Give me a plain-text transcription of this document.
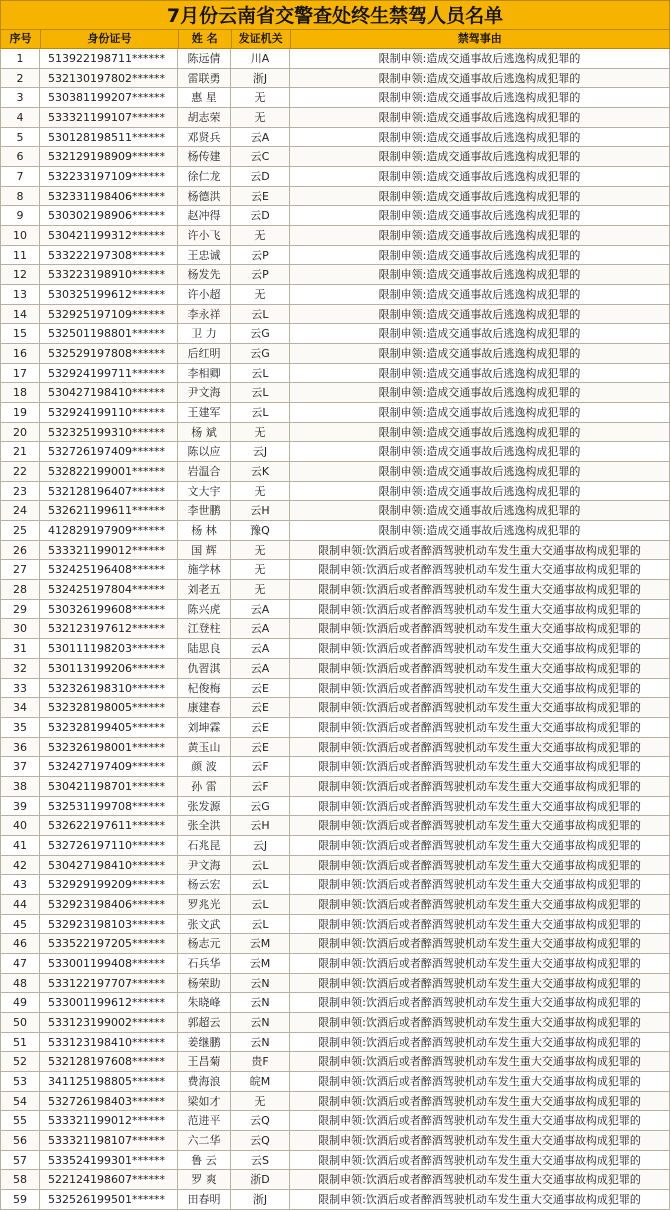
7月份云南省交警查处终生禁驾人员名单
序号	身份证号	姓 名	发证机关	禁驾事由
1	513922198711******	陈远倩	川A	限制申领:造成交通事故后逃逸构成犯罪的
2	532130197802******	雷联勇	浙J	限制申领:造成交通事故后逃逸构成犯罪的
3	530381199207******	惠 星	无	限制申领:造成交通事故后逃逸构成犯罪的
4	533321199107******	胡志荣	无	限制申领:造成交通事故后逃逸构成犯罪的
5	530128198511******	邓贤兵	云A	限制申领:造成交通事故后逃逸构成犯罪的
6	532129198909******	杨传建	云C	限制申领:造成交通事故后逃逸构成犯罪的
7	532233197109******	徐仁龙	云D	限制申领:造成交通事故后逃逸构成犯罪的
8	532331198406******	杨德洪	云E	限制申领:造成交通事故后逃逸构成犯罪的
9	530302198906******	赵冲得	云D	限制申领:造成交通事故后逃逸构成犯罪的
10	530421199312******	许小飞	无	限制申领:造成交通事故后逃逸构成犯罪的
11	533222197308******	王忠诚	云P	限制申领:造成交通事故后逃逸构成犯罪的
12	533223198910******	杨发先	云P	限制申领:造成交通事故后逃逸构成犯罪的
13	530325199612******	许小超	无	限制申领:造成交通事故后逃逸构成犯罪的
14	532925197109******	李永祥	云L	限制申领:造成交通事故后逃逸构成犯罪的
15	532501198801******	卫 力	云G	限制申领:造成交通事故后逃逸构成犯罪的
16	532529197808******	后红明	云G	限制申领:造成交通事故后逃逸构成犯罪的
17	532924199711******	李相卿	云L	限制申领:造成交通事故后逃逸构成犯罪的
18	530427198410******	尹文海	云L	限制申领:造成交通事故后逃逸构成犯罪的
19	532924199110******	王建军	云L	限制申领:造成交通事故后逃逸构成犯罪的
20	532325199310******	杨 斌	无	限制申领:造成交通事故后逃逸构成犯罪的
21	532726197409******	陈以应	云J	限制申领:造成交通事故后逃逸构成犯罪的
22	532822199001******	岩温合	云K	限制申领:造成交通事故后逃逸构成犯罪的
23	532128196407******	文大宇	无	限制申领:造成交通事故后逃逸构成犯罪的
24	532621199611******	李世鹏	云H	限制申领:造成交通事故后逃逸构成犯罪的
25	412829197909******	杨 林	豫Q	限制申领:造成交通事故后逃逸构成犯罪的
26	533321199012******	国 辉	无	限制申领:饮酒后或者醉酒驾驶机动车发生重大交通事故构成犯罪的
27	532425196408******	施学林	无	限制申领:饮酒后或者醉酒驾驶机动车发生重大交通事故构成犯罪的
28	532425197804******	刘老五	无	限制申领:饮酒后或者醉酒驾驶机动车发生重大交通事故构成犯罪的
29	530326199608******	陈兴虎	云A	限制申领:饮酒后或者醉酒驾驶机动车发生重大交通事故构成犯罪的
30	532123197612******	江登柱	云A	限制申领:饮酒后或者醉酒驾驶机动车发生重大交通事故构成犯罪的
31	530111198203******	陆思良	云A	限制申领:饮酒后或者醉酒驾驶机动车发生重大交通事故构成犯罪的
32	530113199206******	仇習淇	云A	限制申领:饮酒后或者醉酒驾驶机动车发生重大交通事故构成犯罪的
33	532326198310******	杞俊梅	云E	限制申领:饮酒后或者醉酒驾驶机动车发生重大交通事故构成犯罪的
34	532328198005******	康建春	云E	限制申领:饮酒后或者醉酒驾驶机动车发生重大交通事故构成犯罪的
35	532328199405******	刘坤霖	云E	限制申领:饮酒后或者醉酒驾驶机动车发生重大交通事故构成犯罪的
36	532326198001******	黄玉山	云E	限制申领:饮酒后或者醉酒驾驶机动车发生重大交通事故构成犯罪的
37	532427197409******	颜 波	云F	限制申领:饮酒后或者醉酒驾驶机动车发生重大交通事故构成犯罪的
38	530421198701******	孙 雷	云F	限制申领:饮酒后或者醉酒驾驶机动车发生重大交通事故构成犯罪的
39	532531199708******	张发源	云G	限制申领:饮酒后或者醉酒驾驶机动车发生重大交通事故构成犯罪的
40	532622197611******	张全洪	云H	限制申领:饮酒后或者醉酒驾驶机动车发生重大交通事故构成犯罪的
41	532726197110******	石兆昆	云J	限制申领:饮酒后或者醉酒驾驶机动车发生重大交通事故构成犯罪的
42	530427198410******	尹文海	云L	限制申领:饮酒后或者醉酒驾驶机动车发生重大交通事故构成犯罪的
43	532929199209******	杨云宏	云L	限制申领:饮酒后或者醉酒驾驶机动车发生重大交通事故构成犯罪的
44	532923198406******	罗兆光	云L	限制申领:饮酒后或者醉酒驾驶机动车发生重大交通事故构成犯罪的
45	532923198103******	张文武	云L	限制申领:饮酒后或者醉酒驾驶机动车发生重大交通事故构成犯罪的
46	533522197205******	杨志元	云M	限制申领:饮酒后或者醉酒驾驶机动车发生重大交通事故构成犯罪的
47	533001199408******	石兵华	云M	限制申领:饮酒后或者醉酒驾驶机动车发生重大交通事故构成犯罪的
48	533122197707******	杨荣助	云N	限制申领:饮酒后或者醉酒驾驶机动车发生重大交通事故构成犯罪的
49	533001199612******	朱晓峰	云N	限制申领:饮酒后或者醉酒驾驶机动车发生重大交通事故构成犯罪的
50	533123199002******	郭超云	云N	限制申领:饮酒后或者醉酒驾驶机动车发生重大交通事故构成犯罪的
51	533123198410******	姜继鹏	云N	限制申领:饮酒后或者醉酒驾驶机动车发生重大交通事故构成犯罪的
52	532128197608******	王昌菊	贵F	限制申领:饮酒后或者醉酒驾驶机动车发生重大交通事故构成犯罪的
53	341125198805******	费海浪	皖M	限制申领:饮酒后或者醉酒驾驶机动车发生重大交通事故构成犯罪的
54	532726198403******	梁如才	无	限制申领:饮酒后或者醉酒驾驶机动车发生重大交通事故构成犯罪的
55	533321199012******	范进平	云Q	限制申领:饮酒后或者醉酒驾驶机动车发生重大交通事故构成犯罪的
56	533321198107******	六二华	云Q	限制申领:饮酒后或者醉酒驾驶机动车发生重大交通事故构成犯罪的
57	533524199301******	鲁 云	云S	限制申领:饮酒后或者醉酒驾驶机动车发生重大交通事故构成犯罪的
58	522124198607******	罗 爽	浙D	限制申领:饮酒后或者醉酒驾驶机动车发生重大交通事故构成犯罪的
59	532526199501******	田春明	浙J	限制申领:饮酒后或者醉酒驾驶机动车发生重大交通事故构成犯罪的
